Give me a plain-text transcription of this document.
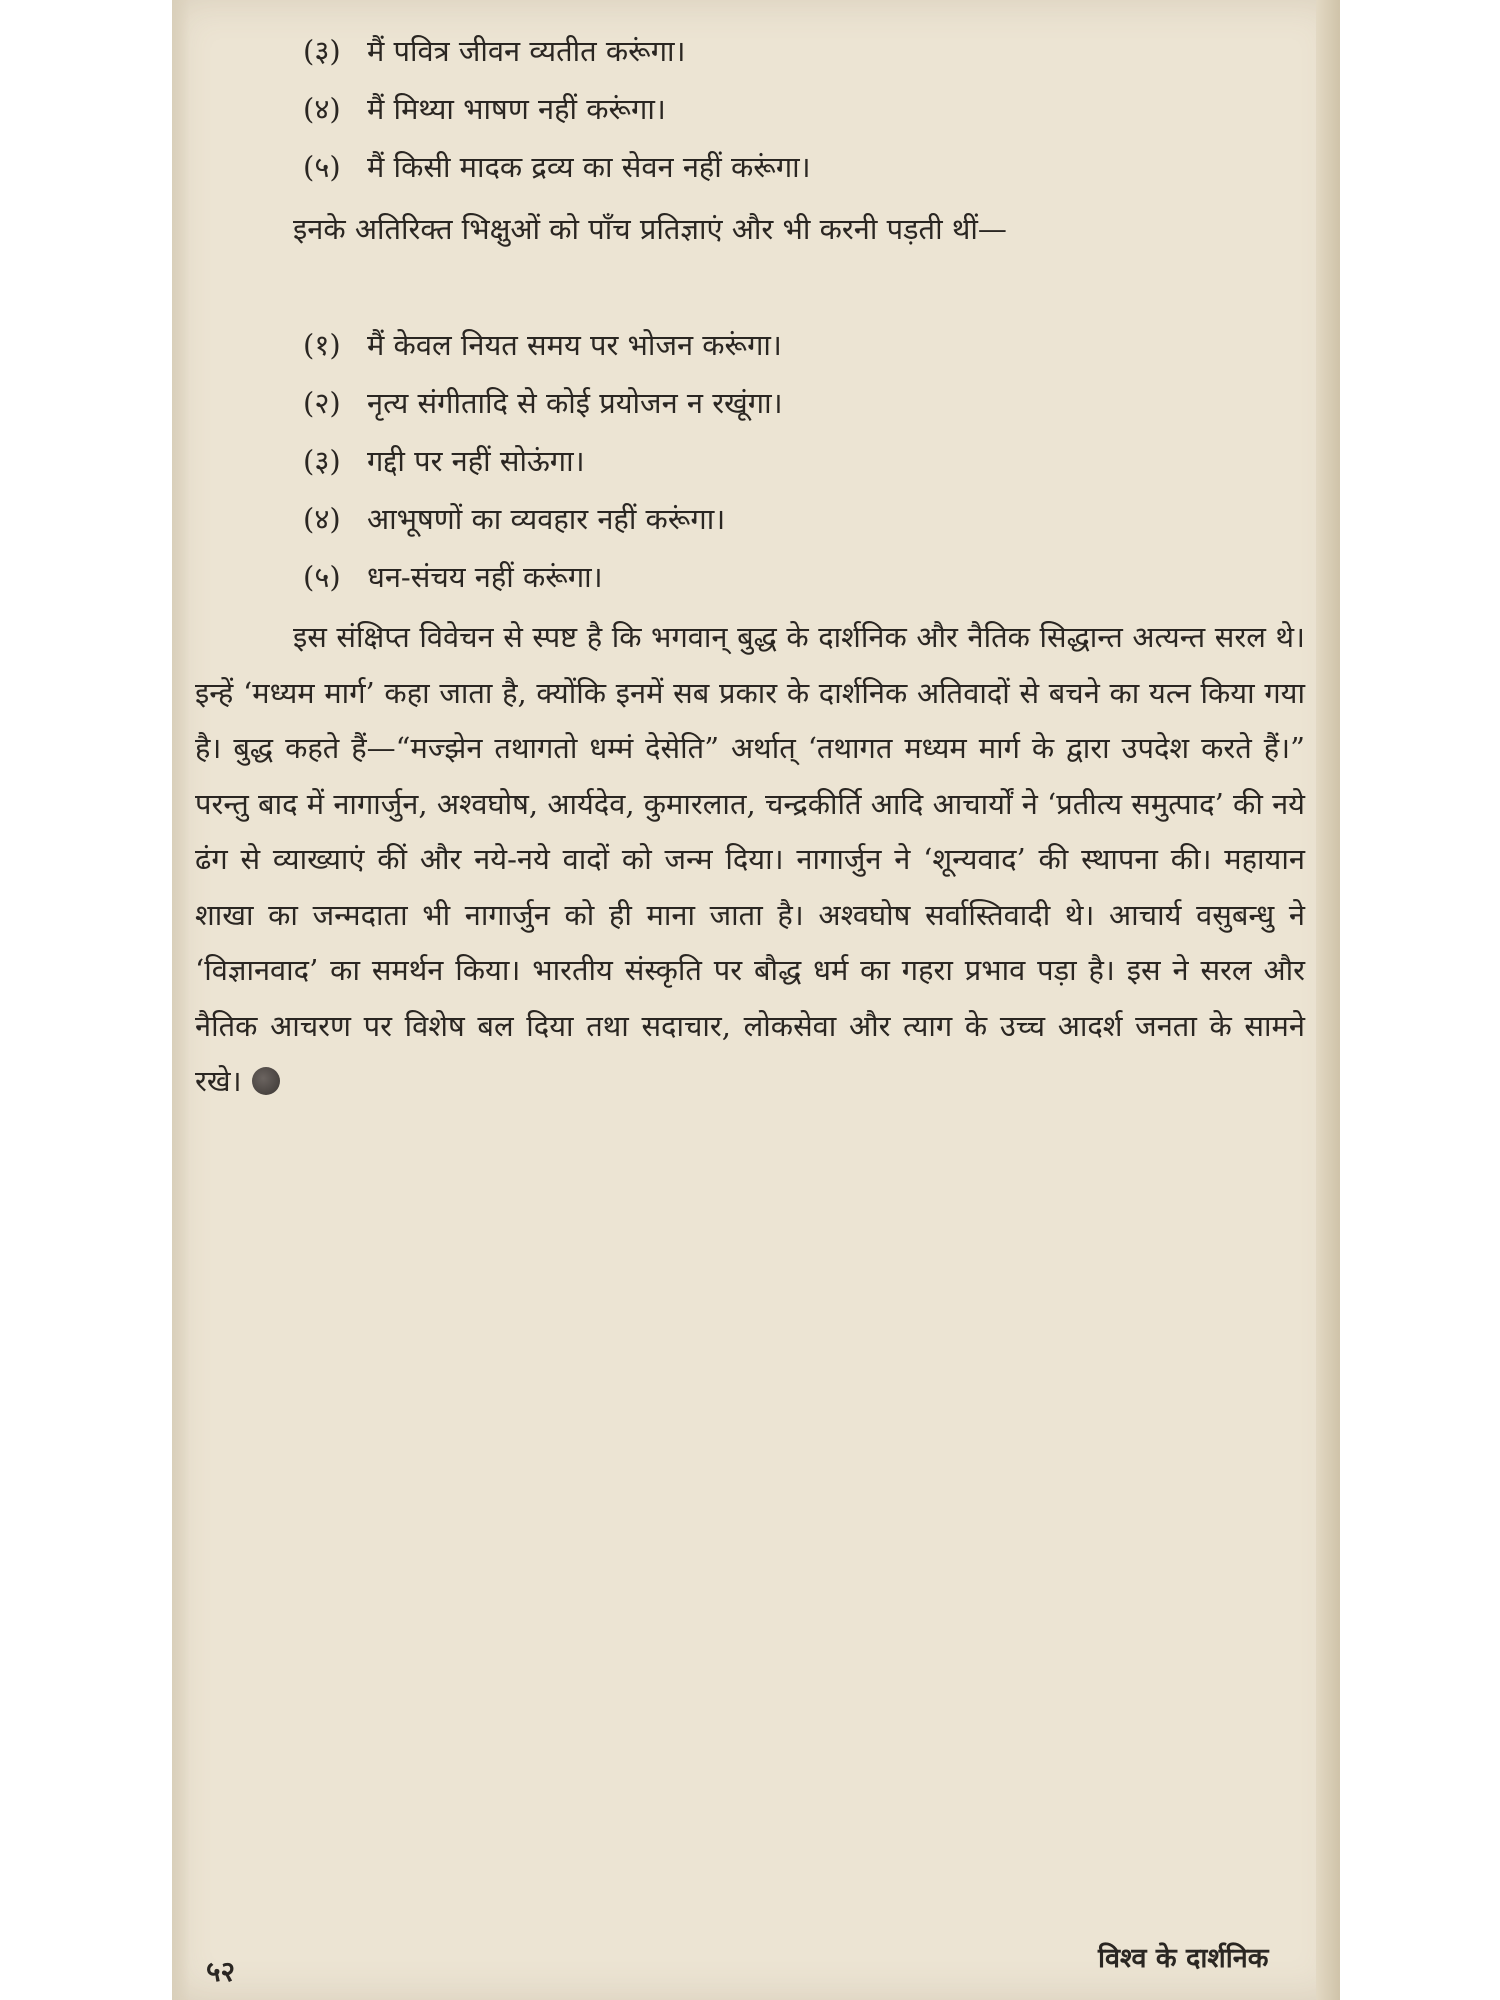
(३) मैं पवित्र जीवन व्यतीत करूंगा।
(४) मैं मिथ्या भाषण नहीं करूंगा।
(५) मैं किसी मादक द्रव्य का सेवन नहीं करूंगा।
इनके अतिरिक्त भिक्षुओं को पाँच प्रतिज्ञाएं और भी करनी पड़ती थीं—
(१) मैं केवल नियत समय पर भोजन करूंगा।
(२) नृत्य संगीतादि से कोई प्रयोजन न रखूंगा।
(३) गद्दी पर नहीं सोऊंगा।
(४) आभूषणों का व्यवहार नहीं करूंगा।
(५) धन-संचय नहीं करूंगा।
इस संक्षिप्त विवेचन से स्पष्ट है कि भगवान् बुद्ध के दार्शनिक और नैतिक सिद्धान्त अत्यन्त सरल थे। इन्हें ‘मध्यम मार्ग’ कहा जाता है, क्योंकि इनमें सब प्रकार के दार्शनिक अतिवादों से बचने का यत्न किया गया है। बुद्ध कहते हैं—“मज्झेन तथागतो धम्मं देसेति” अर्थात् ‘तथागत मध्यम मार्ग के द्वारा उपदेश करते हैं।” परन्तु बाद में नागार्जुन, अश्वघोष, आर्यदेव, कुमारलात, चन्द्रकीर्ति आदि आचार्यों ने ‘प्रतीत्य समुत्पाद’ की नये ढंग से व्याख्याएं कीं और नये-नये वादों को जन्म दिया। नागार्जुन ने ‘शून्यवाद’ की स्थापना की। महायान शाखा का जन्मदाता भी नागार्जुन को ही माना जाता है। अश्वघोष सर्वास्तिवादी थे। आचार्य वसुबन्धु ने ‘विज्ञानवाद’ का समर्थन किया। भारतीय संस्कृति पर बौद्ध धर्म का गहरा प्रभाव पड़ा है। इस ने सरल और नैतिक आचरण पर विशेष बल दिया तथा सदाचार, लोकसेवा और त्याग के उच्च आदर्श जनता के सामने रखे।
५२	विश्व के दार्शनिक
